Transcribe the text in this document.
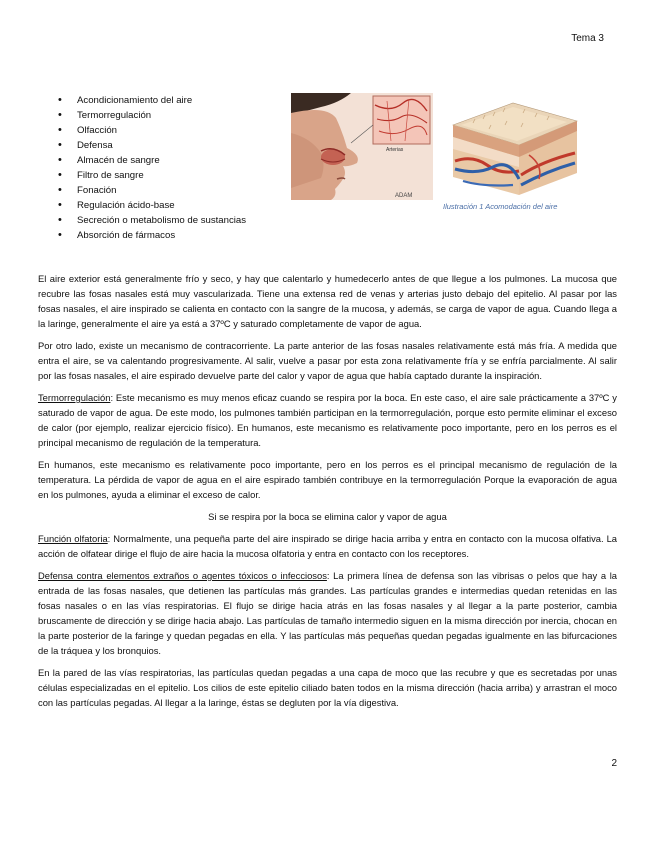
Tema 3
• Acondicionamiento del aire
• Termorregulación
• Olfacción
• Defensa
• Almacén de sangre
• Filtro de sangre
• Fonación
• Regulación ácido-base
• Secreción o metabolismo de sustancias
• Absorción de fármacos
Arterias
ADAM
Ilustración 1 Acomodación del aire

El aire exterior está generalmente frío y seco, y hay que calentarlo y humedecerlo antes de que llegue a los pulmones. La mucosa que recubre las fosas nasales está muy vascularizada. Tiene una extensa red de venas y arterias justo debajo del epitelio. Al pasar por las fosas nasales, el aire inspirado se calienta en contacto con la sangre de la mucosa, y además, se carga de vapor de agua. Cuando llega a la laringe, generalmente el aire ya está a 37ºC y saturado completamente de vapor de agua.

Por otro lado, existe un mecanismo de contracorriente. La parte anterior de las fosas nasales relativamente está más fría. A medida que entra el aire, se va calentando progresivamente. Al salir, vuelve a pasar por esta zona relativamente fría y se enfría parcialmente. Al salir por las fosas nasales, el aire espirado devuelve parte del calor y vapor de agua que había captado durante la inspiración.

Termorregulación: Este mecanismo es muy menos eficaz cuando se respira por la boca. En este caso, el aire sale prácticamente a 37ºC y saturado de vapor de agua. De este modo, los pulmones también participan en la termorregulación, porque esto permite eliminar el exceso de calor (por ejemplo, realizar ejercicio físico). En humanos, este mecanismo es relativamente poco importante, pero en los perros es el principal mecanismo de regulación de la temperatura.

En humanos, este mecanismo es relativamente poco importante, pero en los perros es el principal mecanismo de regulación de la temperatura. La pérdida de vapor de agua en el aire espirado también contribuye en la termorregulación Porque la evaporación de agua en los pulmones, ayuda a eliminar el exceso de calor.

Si se respira por la boca se elimina calor y vapor de agua

Función olfatoria: Normalmente, una pequeña parte del aire inspirado se dirige hacia arriba y entra en contacto con la mucosa olfativa. La acción de olfatear dirige el flujo de aire hacia la mucosa olfatoria y entra en contacto con los receptores.

Defensa contra elementos extraños o agentes tóxicos o infecciosos: La primera línea de defensa son las vibrisas o pelos que hay a la entrada de las fosas nasales, que detienen las partículas más grandes. Las partículas grandes e intermedias quedan retenidas en las fosas nasales o en las vías respiratorias. El flujo se dirige hacia atrás en las fosas nasales y al llegar a la parte posterior, cambia bruscamente de dirección y se dirige hacia abajo. Las partículas de tamaño intermedio siguen en la misma dirección por inercia, chocan en la parte posterior de la faringe y quedan pegadas en ella. Y las partículas más pequeñas quedan pegadas igualmente en las bifurcaciones de la tráquea y los bronquios.

En la pared de las vías respiratorias, las partículas quedan pegadas a una capa de moco que las recubre y que es secretadas por unas células especializadas en el epitelio. Los cilios de este epitelio ciliado baten todos en la misma dirección (hacia arriba) y arrastran el moco con las partículas pegadas. Al llegar a la laringe, éstas se degluten por la vía digestiva.

2
